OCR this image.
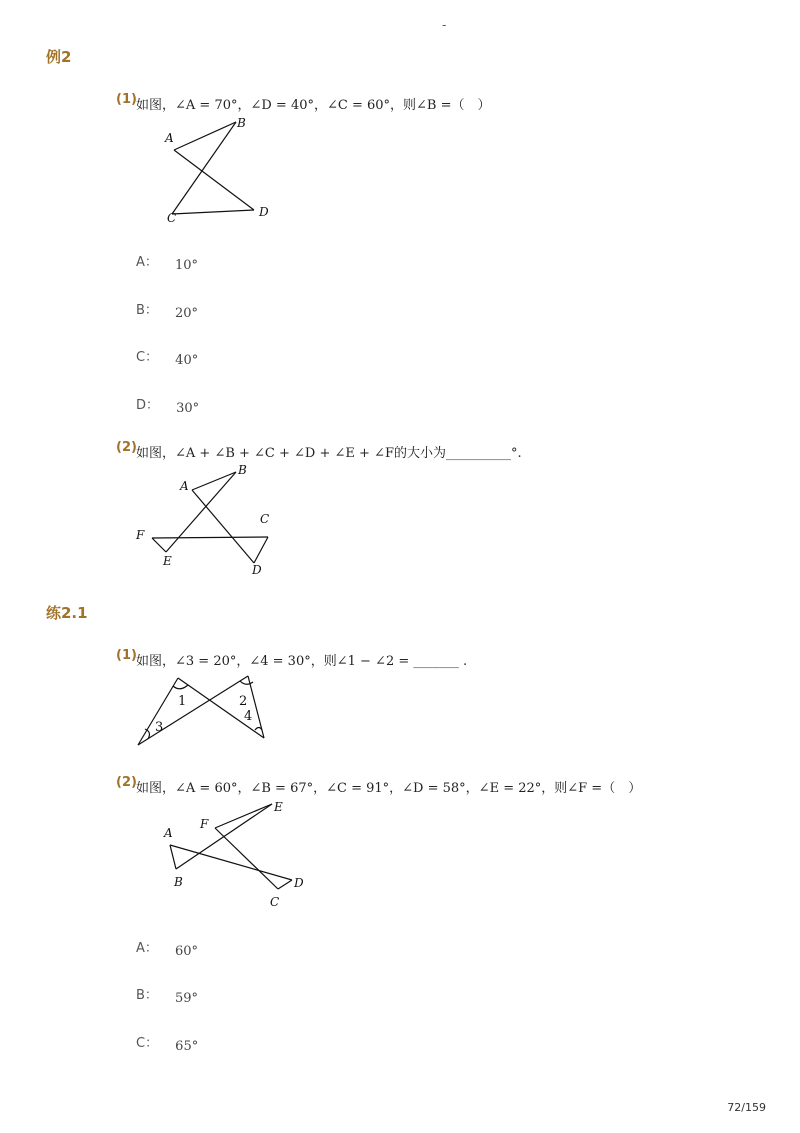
-
例2
(1) 如图，∠A = 70°，∠D = 40°，∠C = 60°，则∠B =（　）
A
B
C	D
A： 10°
B： 20°
C： 40°
D： 30°
(2) 如图，∠A + ∠B + ∠C + ∠D + ∠E + ∠F的大小为__________°.
A
B
C
D
E
F
练2.1
(1) 如图，∠3 = 20°，∠4 = 30°，则∠1 − ∠2 = _______ .
1	2
3
4
(2) 如图，∠A = 60°，∠B = 67°，∠C = 91°，∠D = 58°，∠E = 22°，则∠F =（　）
A
B
C
D
E
F
A： 60°
B： 59°
C： 65°
72/159
